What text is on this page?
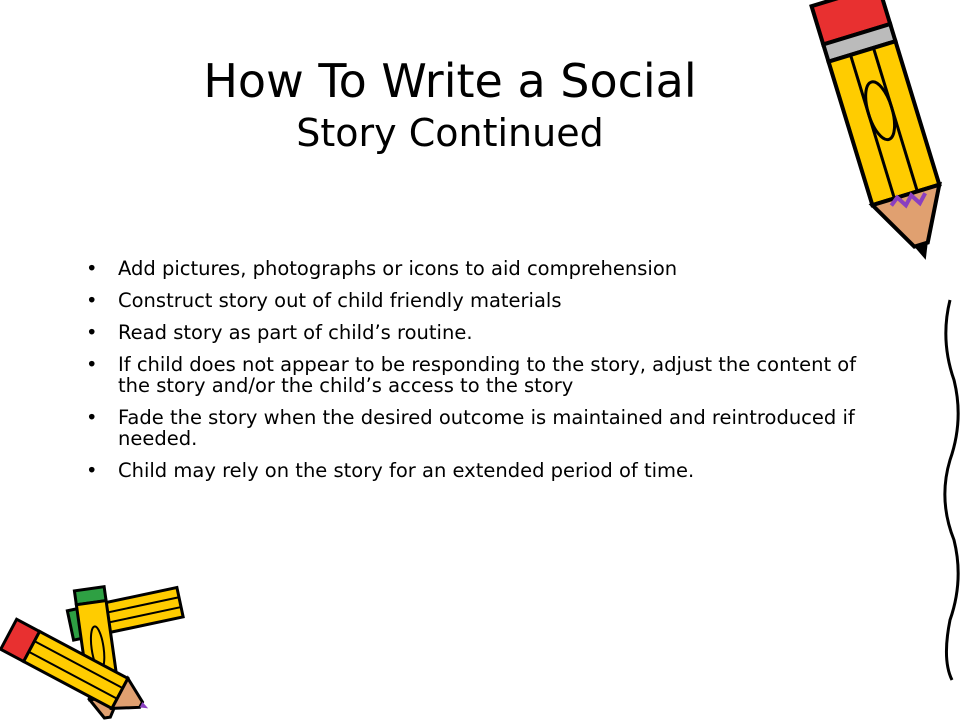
How To Write a Social
Story Continued
• Add pictures, photographs or icons to aid comprehension
• Construct story out of child friendly materials
• Read story as part of child’s routine.
• If child does not appear to be responding to the story, adjust the content of the story and/or the child’s access to the story
• Fade the story when the desired outcome is maintained and reintroduced if needed.
• Child may rely on the story for an extended period of time.
